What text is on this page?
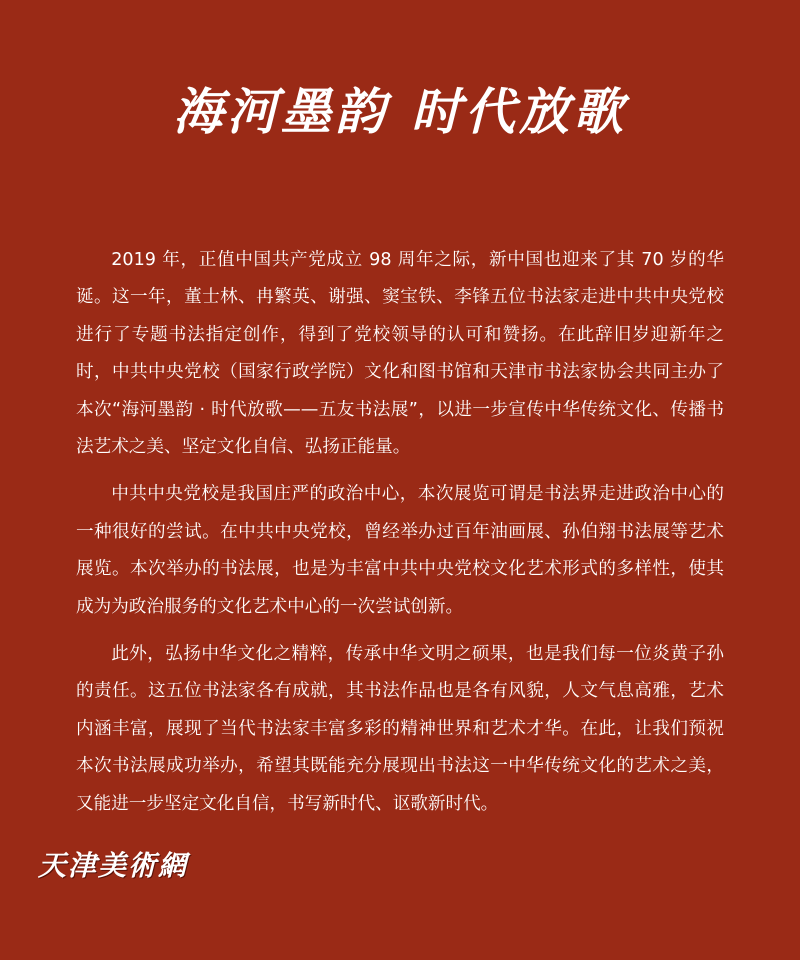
海河墨韵 时代放歌

2019 年，正值中国共产党成立 98 周年之际，新中国也迎来了其 70 岁的华诞。这一年，董士林、冉繁英、谢强、窦宝铁、李锋五位书法家走进中共中央党校进行了专题书法指定创作，得到了党校领导的认可和赞扬。在此辞旧岁迎新年之时，中共中央党校（国家行政学院）文化和图书馆和天津市书法家协会共同主办了本次“海河墨韵 · 时代放歌——五友书法展”，以进一步宣传中华传统文化、传播书法艺术之美、坚定文化自信、弘扬正能量。

中共中央党校是我国庄严的政治中心，本次展览可谓是书法界走进政治中心的一种很好的尝试。在中共中央党校，曾经举办过百年油画展、孙伯翔书法展等艺术展览。本次举办的书法展，也是为丰富中共中央党校文化艺术形式的多样性，使其成为为政治服务的文化艺术中心的一次尝试创新。

此外，弘扬中华文化之精粹，传承中华文明之硕果，也是我们每一位炎黄子孙的责任。这五位书法家各有成就，其书法作品也是各有风貌，人文气息高雅，艺术内涵丰富，展现了当代书法家丰富多彩的精神世界和艺术才华。在此，让我们预祝本次书法展成功举办，希望其既能充分展现出书法这一中华传统文化的艺术之美，又能进一步坚定文化自信，书写新时代、讴歌新时代。

天津美術網
